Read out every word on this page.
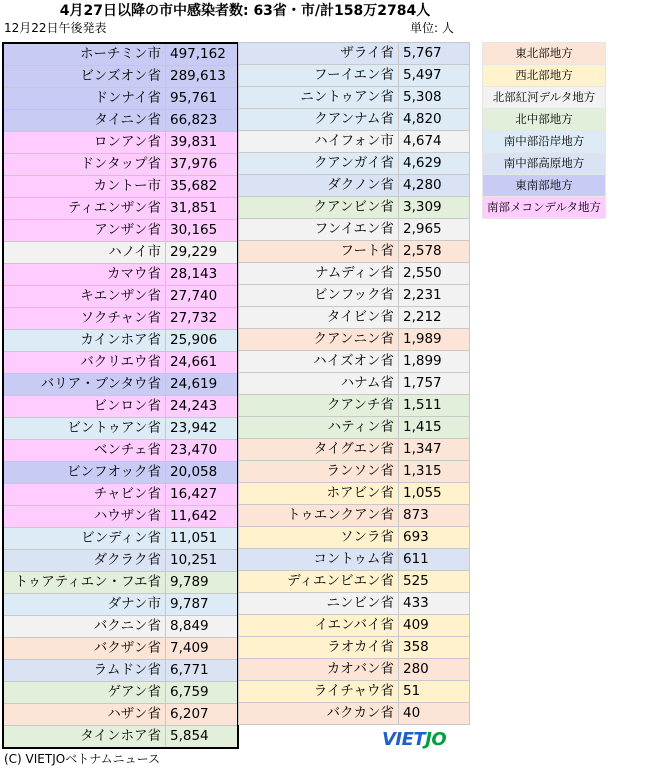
4月27日以降の市中感染者数: 63省・市/計158万2784人
12月22日午後発表	単位: 人
ホーチミン市	497,162
ビンズオン省	289,613
ドンナイ省	95,761
タイニン省	66,823
ロンアン省	39,831
ドンタップ省	37,976
カントー市	35,682
ティエンザン省	31,851
アンザン省	30,165
ハノイ市	29,229
カマウ省	28,143
キエンザン省	27,740
ソクチャン省	27,732
カインホア省	25,906
バクリエウ省	24,661
バリア・ブンタウ省	24,619
ビンロン省	24,243
ビントゥアン省	23,942
ベンチェ省	23,470
ビンフオック省	20,058
チャビン省	16,427
ハウザン省	11,642
ビンディン省	11,051
ダクラク省	10,251
トゥアティエン・フエ省	9,789
ダナン市	9,787
バクニン省	8,849
バクザン省	7,409
ラムドン省	6,771
ゲアン省	6,759
ハザン省	6,207
タインホア省	5,854
ザライ省	5,767
フーイエン省	5,497
ニントゥアン省	5,308
クアンナム省	4,820
ハイフォン市	4,674
クアンガイ省	4,629
ダクノン省	4,280
クアンビン省	3,309
フンイエン省	2,965
フート省	2,578
ナムディン省	2,550
ビンフック省	2,231
タイビン省	2,212
クアンニン省	1,989
ハイズオン省	1,899
ハナム省	1,757
クアンチ省	1,511
ハティン省	1,415
タイグエン省	1,347
ランソン省	1,315
ホアビン省	1,055
トゥエンクアン省	873
ソンラ省	693
コントゥム省	611
ディエンビエン省	525
ニンビン省	433
イエンバイ省	409
ラオカイ省	358
カオバン省	280
ライチャウ省	51
バクカン省	40
東北部地方
西北部地方
北部紅河デルタ地方
北中部地方
南中部沿岸地方
南中部高原地方
東南部地方
南部メコンデルタ地方
VIETJO
(C) VIETJOベトナムニュース
